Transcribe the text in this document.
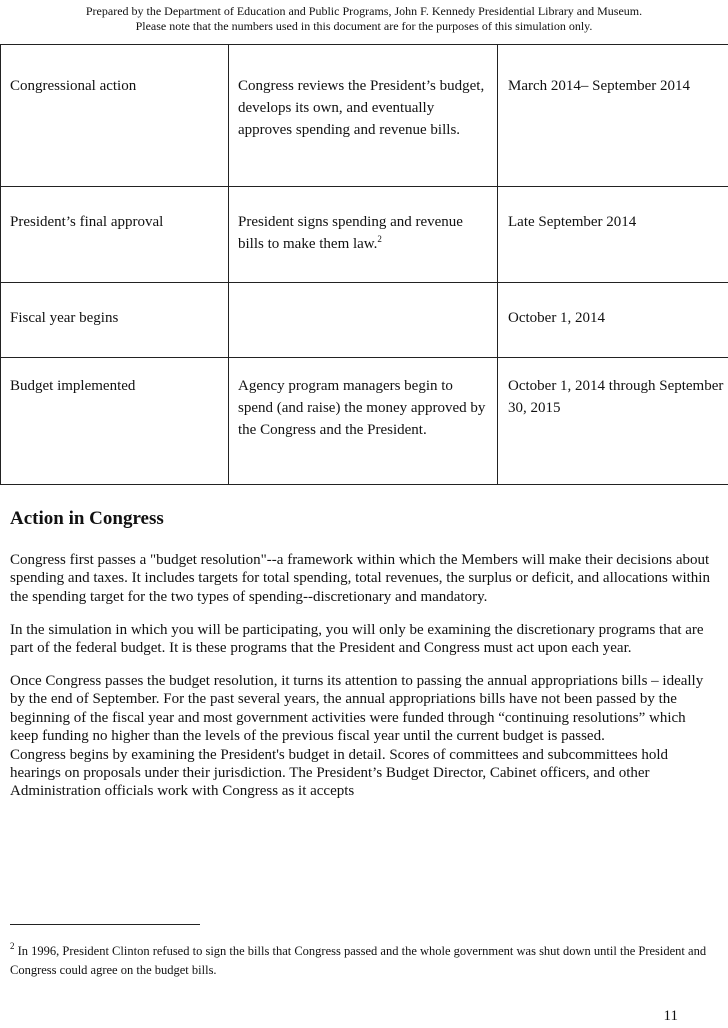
Prepared by the Department of Education and Public Programs, John F. Kennedy Presidential Library and Museum.
Please note that the numbers used in this document are for the purposes of this simulation only.
Congressional action	Congress reviews the President’s budget, develops its own, and eventually approves spending and revenue bills.	March 2014– September 2014
President’s final approval	President signs spending and revenue bills to make them law.$^2$	Late September 2014
Fiscal year begins		October 1, 2014
Budget implemented	Agency program managers begin to spend (and raise) the money approved by the Congress and the President.	October 1, 2014 through September 30, 2015
Action in Congress

Congress first passes a "budget resolution"--a framework within which the Members will make their decisions about spending and taxes. It includes targets for total spending, total revenues, the surplus or deficit, and allocations within the spending target for the two types of spending--discretionary and mandatory.

In the simulation in which you will be participating, you will only be examining the discretionary programs that are part of the federal budget. It is these programs that the President and Congress must act upon each year.

Once Congress passes the budget resolution, it turns its attention to passing the annual appropriations bills – ideally by the end of September. For the past several years, the annual appropriations bills have not been passed by the beginning of the fiscal year and most government activities were funded through “continuing resolutions” which keep funding no higher than the levels of the previous fiscal year until the current budget is passed.

Congress begins by examining the President's budget in detail. Scores of committees and subcommittees hold hearings on proposals under their jurisdiction. The President’s Budget Director, Cabinet officers, and other Administration officials work with Congress as it accepts

$^2$ In 1996, President Clinton refused to sign the bills that Congress passed and the whole government was shut down until the President and Congress could agree on the budget bills.
11
